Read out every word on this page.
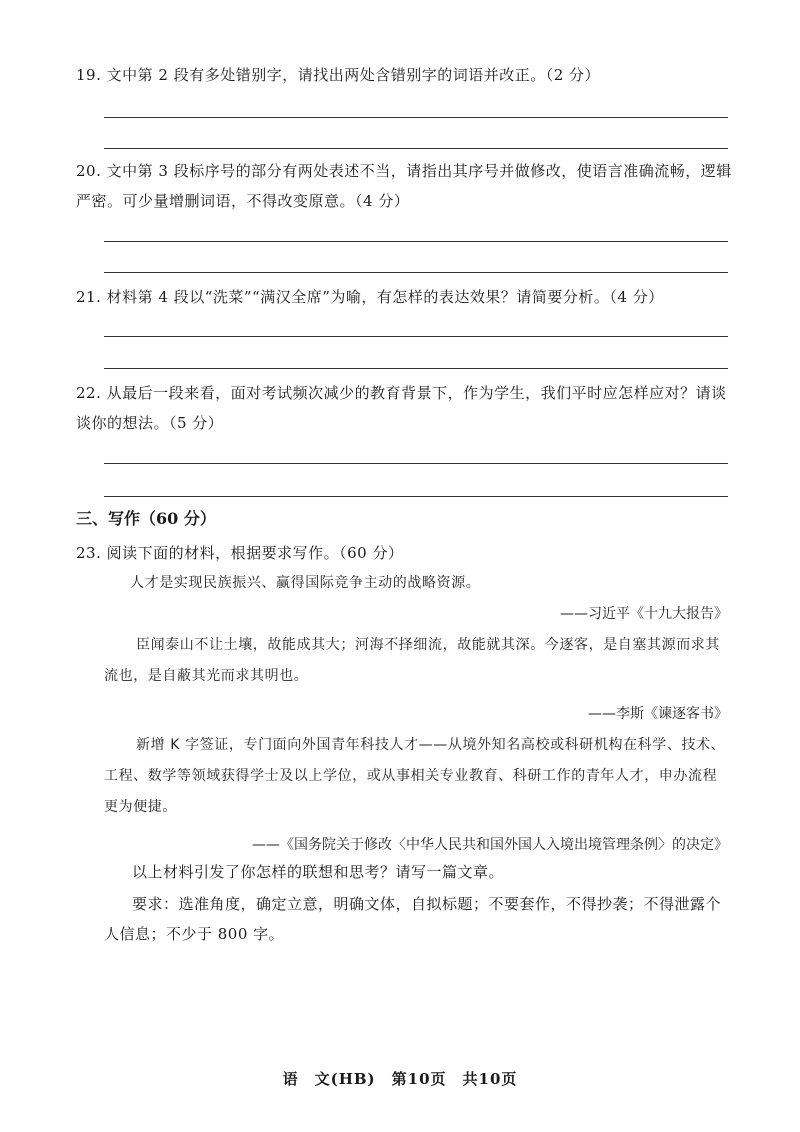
19. 文中第 2 段有多处错别字，请找出两处含错别字的词语并改正。（2 分）
20. 文中第 3 段标序号的部分有两处表述不当，请指出其序号并做修改，使语言准确流畅，逻辑严密。可少量增删词语，不得改变原意。（4 分）
21. 材料第 4 段以“洗菜”“满汉全席”为喻，有怎样的表达效果？请简要分析。（4 分）
22. 从最后一段来看，面对考试频次减少的教育背景下，作为学生，我们平时应怎样应对？请谈谈你的想法。（5 分）
三、写作（60 分）
23. 阅读下面的材料，根据要求写作。（60 分）
人才是实现民族振兴、赢得国际竞争主动的战略资源。
——习近平《十九大报告》
臣闻泰山不让土壤，故能成其大；河海不择细流，故能就其深。今逐客，是自塞其源而求其流也，是自蔽其光而求其明也。
——李斯《谏逐客书》
新增 K 字签证，专门面向外国青年科技人才——从境外知名高校或科研机构在科学、技术、工程、数学等领域获得学士及以上学位，或从事相关专业教育、科研工作的青年人才，申办流程更为便捷。
——《国务院关于修改〈中华人民共和国外国人入境出境管理条例〉的决定》
以上材料引发了你怎样的联想和思考？请写一篇文章。
要求：选准角度，确定立意，明确文体，自拟标题；不要套作，不得抄袭；不得泄露个人信息；不少于 800 字。
语　文(HB)　第10页　共10页
